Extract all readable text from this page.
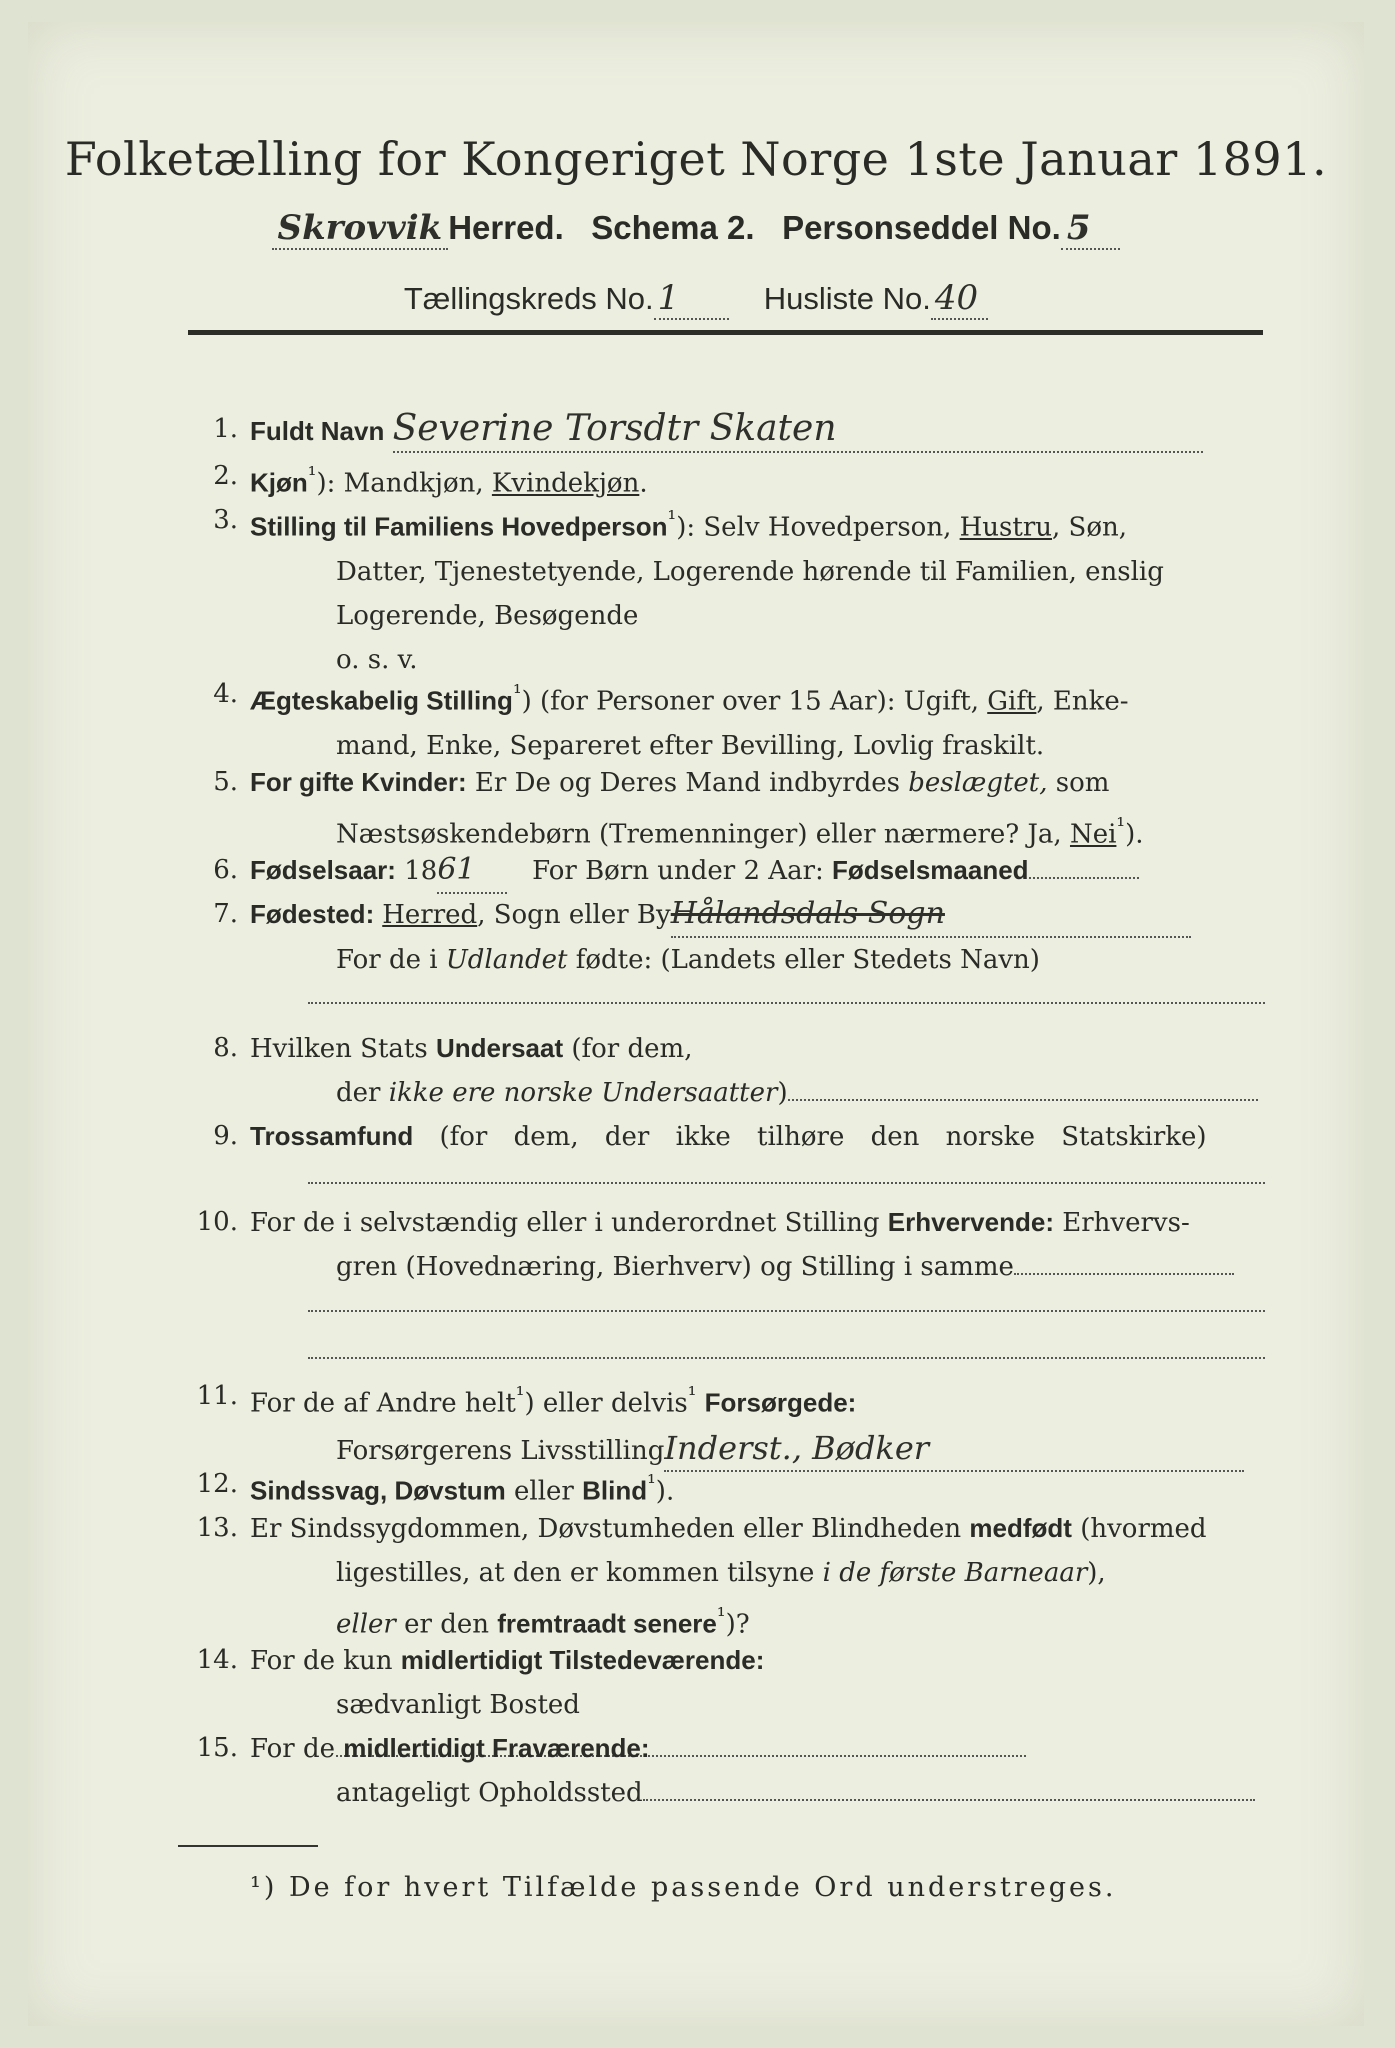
Folketælling for Kongeriget Norge 1ste Januar 1891.
Skrovvik Herred. Schema 2. Personseddel No. 5
Tællingskreds No. 1	Husliste No. 40
1. Fuldt Navn Severine Torsdtr Skaten
2. Kjøn$^{^1}$): Mandkjøn, Kvindekjøn.
3. Stilling til Familiens Hovedperson$^{^1}$): Selv Hovedperson, Hustru, Søn,
Datter, Tjenestetyende, Logerende hørende til Familien, enslig
Logerende, Besøgende
o. s. v.
4. Ægteskabelig Stilling$^{^1}$) (for Personer over 15 Aar): Ugift, Gift, Enke-
mand, Enke, Separeret efter Bevilling, Lovlig fraskilt.
5. For gifte Kvinder: Er De og Deres Mand indbyrdes beslægtet, som
Næstsøskendebørn (Tremenninger) eller nærmere? Ja, Nei$^{^1}$).
6. Fødselsaar: 1861 For Børn under 2 Aar: Fødselsmaaned
7. Fødested: Herred, Sogn eller ByHålandsdals Sogn
For de i Udlandet fødte: (Landets eller Stedets Navn)
8. Hvilken Stats Undersaat (for dem,
der ikke ere norske Undersaatter)
9. Trossamfund (for dem, der ikke tilhøre den norske Statskirke)
10. For de i selvstændig eller i underordnet Stilling Erhvervende: Erhvervs-
gren (Hovednæring, Bierhverv) og Stilling i samme
11. For de af Andre helt$^{^1}$) eller delvis$^{^1}$ Forsørgede:
Forsørgerens LivsstillingInderst., Bødker
12. Sindssvag, Døvstum eller Blind$^{^1}$).
13. Er Sindssygdommen, Døvstumheden eller Blindheden medfødt (hvormed
ligestilles, at den er kommen tilsyne i de første Barneaar),
eller er den fremtraadt senere$^{^1}$)?
14. For de kun midlertidigt Tilstedeværende:
sædvanligt Bosted
15. For de midlertidigt Fraværende:
antageligt Opholdssted
¹) De for hvert Tilfælde passende Ord understreges.
